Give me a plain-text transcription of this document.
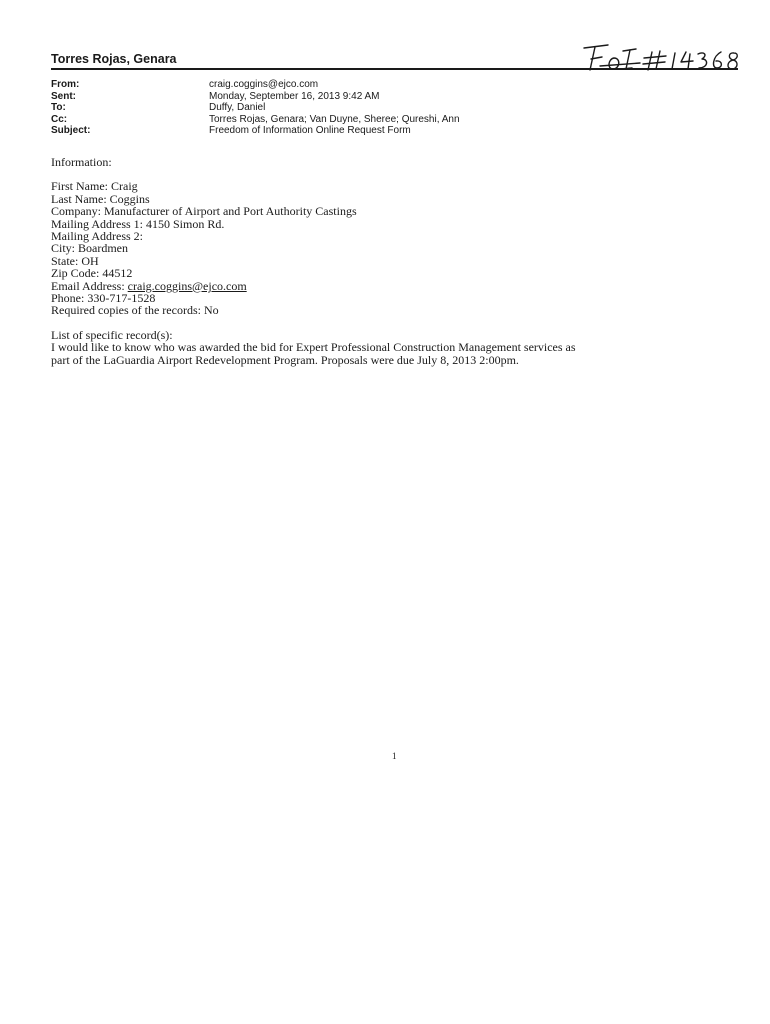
Torres Rojas, Genara
From:	craig.coggins@ejco.com
Sent:	Monday, September 16, 2013 9:42 AM
To:	Duffy, Daniel
Cc:	Torres Rojas, Genara; Van Duyne, Sheree; Qureshi, Ann
Subject:	Freedom of Information Online Request Form
Information:
First Name: Craig
Last Name: Coggins
Company: Manufacturer of Airport and Port Authority Castings
Mailing Address 1: 4150 Simon Rd.
Mailing Address 2:
City: Boardmen
State: OH
Zip Code: 44512
Email Address: craig.coggins@ejco.com
Phone: 330-717-1528
Required copies of the records: No
List of specific record(s):
I would like to know who was awarded the bid for Expert Professional Construction Management services as
part of the LaGuardia Airport Redevelopment Program. Proposals were due July 8, 2013 2:00pm.
1
